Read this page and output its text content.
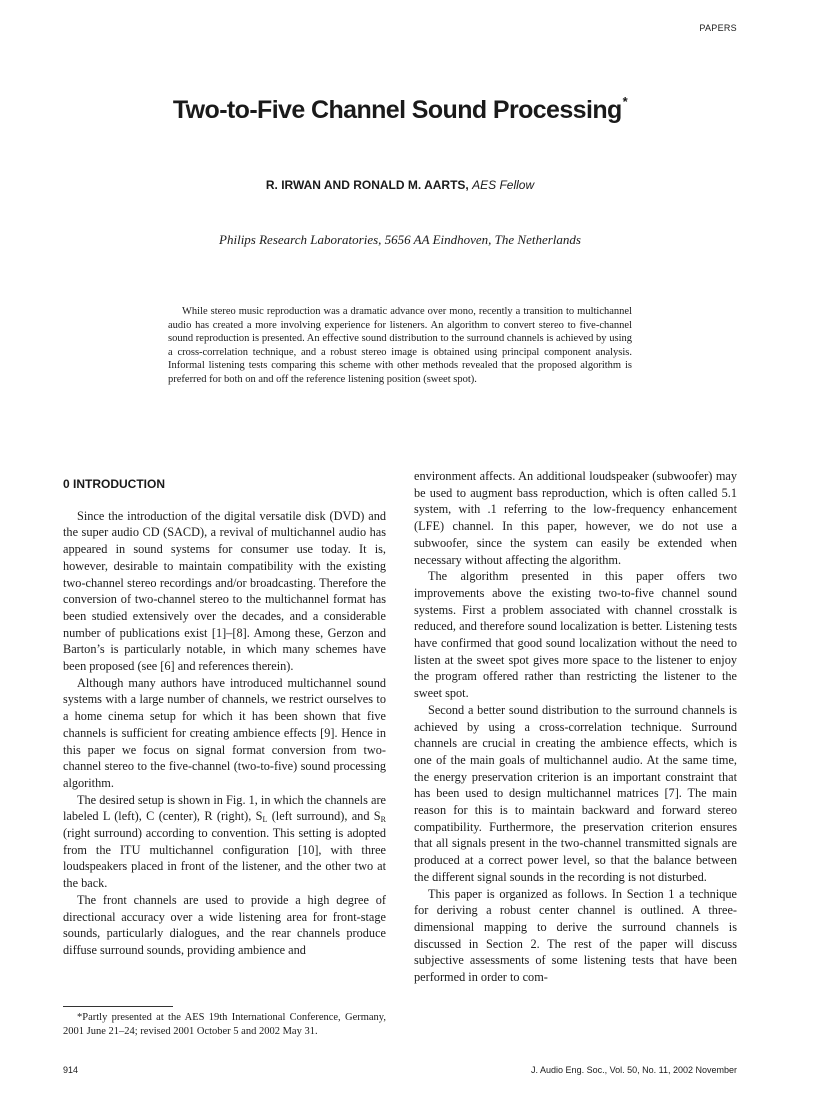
PAPERS
Two-to-Five Channel Sound Processing*
R. IRWAN AND RONALD M. AARTS, AES Fellow
Philips Research Laboratories, 5656 AA Eindhoven, The Netherlands

While stereo music reproduction was a dramatic advance over mono, recently a transition to multichannel audio has created a more involving experience for listeners. An algorithm to convert stereo to five-channel sound reproduction is presented. An effective sound distribution to the surround channels is achieved by using a cross-correlation technique, and a robust stereo image is obtained using principal component analysis. Informal listening tests comparing this scheme with other methods revealed that the proposed algorithm is preferred for both on and off the reference listening position (sweet spot).

0 INTRODUCTION

Since the introduction of the digital versatile disk (DVD) and the super audio CD (SACD), a revival of multichannel audio has appeared in sound systems for consumer use today. It is, however, desirable to maintain compatibility with the existing two-channel stereo recordings and/or broadcasting. Therefore the conversion of two-channel stereo to the multichannel format has been studied extensively over the decades, and a considerable number of publications exist [1]–[8]. Among these, Gerzon and Barton’s is particularly notable, in which many schemes have been proposed (see [6] and references therein).

Although many authors have introduced multichannel sound systems with a large number of channels, we restrict ourselves to a home cinema setup for which it has been shown that five channels is sufficient for creating ambience effects [9]. Hence in this paper we focus on signal format conversion from two-channel stereo to the five-channel (two-to-five) sound processing algorithm.

The desired setup is shown in Fig. 1, in which the channels are labeled L (left), C (center), R (right), $S_L$ (left surround), and $S_R$ (right surround) according to convention. This setting is adopted from the ITU multichannel configuration [10], with three loudspeakers placed in front of the listener, and the other two at the back.

The front channels are used to provide a high degree of directional accuracy over a wide listening area for front-stage sounds, particularly dialogues, and the rear channels produce diffuse surround sounds, providing ambience and

environment affects. An additional loudspeaker (subwoofer) may be used to augment bass reproduction, which is often called 5.1 system, with .1 referring to the low-frequency enhancement (LFE) channel. In this paper, however, we do not use a subwoofer, since the system can easily be extended when necessary without affecting the algorithm.

The algorithm presented in this paper offers two improvements above the existing two-to-five channel sound systems. First a problem associated with channel crosstalk is reduced, and therefore sound localization is better. Listening tests have confirmed that good sound localization without the need to listen at the sweet spot gives more space to the listener to enjoy the program offered rather than restricting the listener to the sweet spot.

Second a better sound distribution to the surround channels is achieved by using a cross-correlation technique. Surround channels are crucial in creating the ambience effects, which is one of the main goals of multichannel audio. At the same time, the energy preservation criterion is an important constraint that has been used to design multichannel matrices [7]. The main reason for this is to maintain backward and forward stereo compatibility. Furthermore, the preservation criterion ensures that all signals present in the two-channel transmitted signals are produced at a correct power level, so that the balance between the different signal sounds in the recording is not disturbed.

This paper is organized as follows. In Section 1 a technique for deriving a robust center channel is outlined. A three-dimensional mapping to derive the surround channels is discussed in Section 2. The rest of the paper will discuss subjective assessments of some listening tests that have been performed in order to com-

*Partly presented at the AES 19th International Conference, Germany, 2001 June 21–24; revised 2001 October 5 and 2002 May 31.

914	J. Audio Eng. Soc., Vol. 50, No. 11, 2002 November
